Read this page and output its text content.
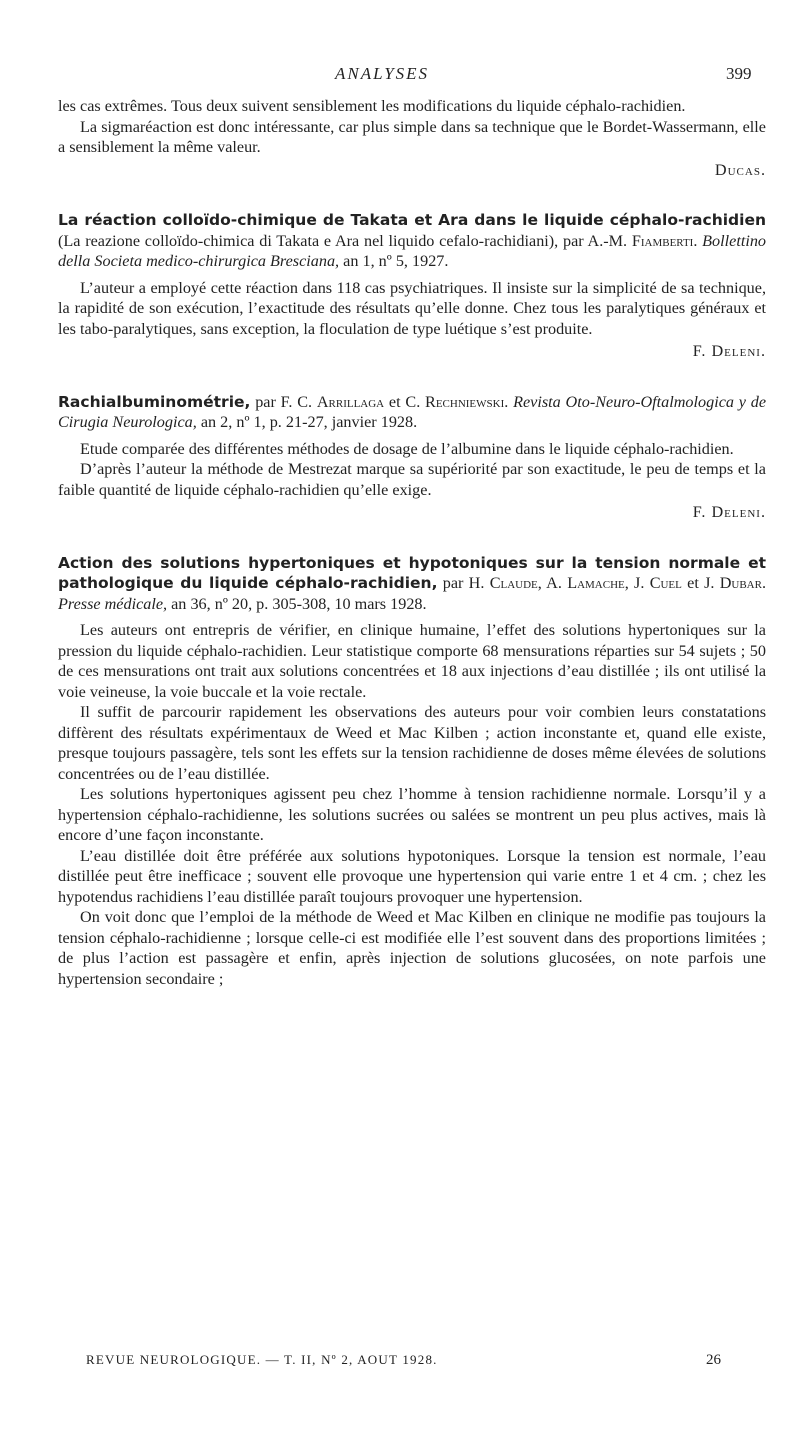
ANALYSES	399

les cas extrêmes. Tous deux suivent sensiblement les modifications du liquide céphalo-rachidien.

La sigmaréaction est donc intéressante, car plus simple dans sa technique que le Bordet-Wassermann, elle a sensiblement la même valeur.

Ducas.

La réaction colloïdo-chimique de Takata et Ara dans le liquide céphalo-rachidien (La reazione colloïdo-chimica di Takata e Ara nel liquido cefalo-rachidiani), par A.-M. Fiamberti. Bollettino della Societa medico-chirurgica Bresciana, an 1, nº 5, 1927.

L’auteur a employé cette réaction dans 118 cas psychiatriques. Il insiste sur la simplicité de sa technique, la rapidité de son exécution, l’exactitude des résultats qu’elle donne. Chez tous les paralytiques généraux et les tabo-paralytiques, sans exception, la floculation de type luétique s’est produite.

F. Deleni.

Rachialbuminométrie, par F. C. Arrillaga et C. Rechniewski. Revista Oto-Neuro-Oftalmologica y de Cirugia Neurologica, an 2, nº 1, p. 21-27, janvier 1928.

Etude comparée des différentes méthodes de dosage de l’albumine dans le liquide céphalo-rachidien.

D’après l’auteur la méthode de Mestrezat marque sa supériorité par son exactitude, le peu de temps et la faible quantité de liquide céphalo-rachidien qu’elle exige.

F. Deleni.

Action des solutions hypertoniques et hypotoniques sur la tension normale et pathologique du liquide céphalo-rachidien, par H. Claude, A. Lamache, J. Cuel et J. Dubar. Presse médicale, an 36, nº 20, p. 305-308, 10 mars 1928.

Les auteurs ont entrepris de vérifier, en clinique humaine, l’effet des solutions hypertoniques sur la pression du liquide céphalo-rachidien. Leur statistique comporte 68 mensurations réparties sur 54 sujets ; 50 de ces mensurations ont trait aux solutions concentrées et 18 aux injections d’eau distillée ; ils ont utilisé la voie veineuse, la voie buccale et la voie rectale.

Il suffit de parcourir rapidement les observations des auteurs pour voir combien leurs constatations diffèrent des résultats expérimentaux de Weed et Mac Kilben ; action inconstante et, quand elle existe, presque toujours passagère, tels sont les effets sur la tension rachidienne de doses même élevées de solutions concentrées ou de l’eau distillée.

Les solutions hypertoniques agissent peu chez l’homme à tension rachidienne normale. Lorsqu’il y a hypertension céphalo-rachidienne, les solutions sucrées ou salées se montrent un peu plus actives, mais là encore d’une façon inconstante.

L’eau distillée doit être préférée aux solutions hypotoniques. Lorsque la tension est normale, l’eau distillée peut être inefficace ; souvent elle provoque une hypertension qui varie entre 1 et 4 cm. ; chez les hypotendus rachidiens l’eau distillée paraît toujours provoquer une hypertension.

On voit donc que l’emploi de la méthode de Weed et Mac Kilben en clinique ne modifie pas toujours la tension céphalo-rachidienne ; lorsque celle-ci est modifiée elle l’est souvent dans des proportions limitées ; de plus l’action est passagère et enfin, après injection de solutions glucosées, on note parfois une hypertension secondaire ;

REVUE NEUROLOGIQUE. — T. II, Nº 2, AOUT 1928.	26
